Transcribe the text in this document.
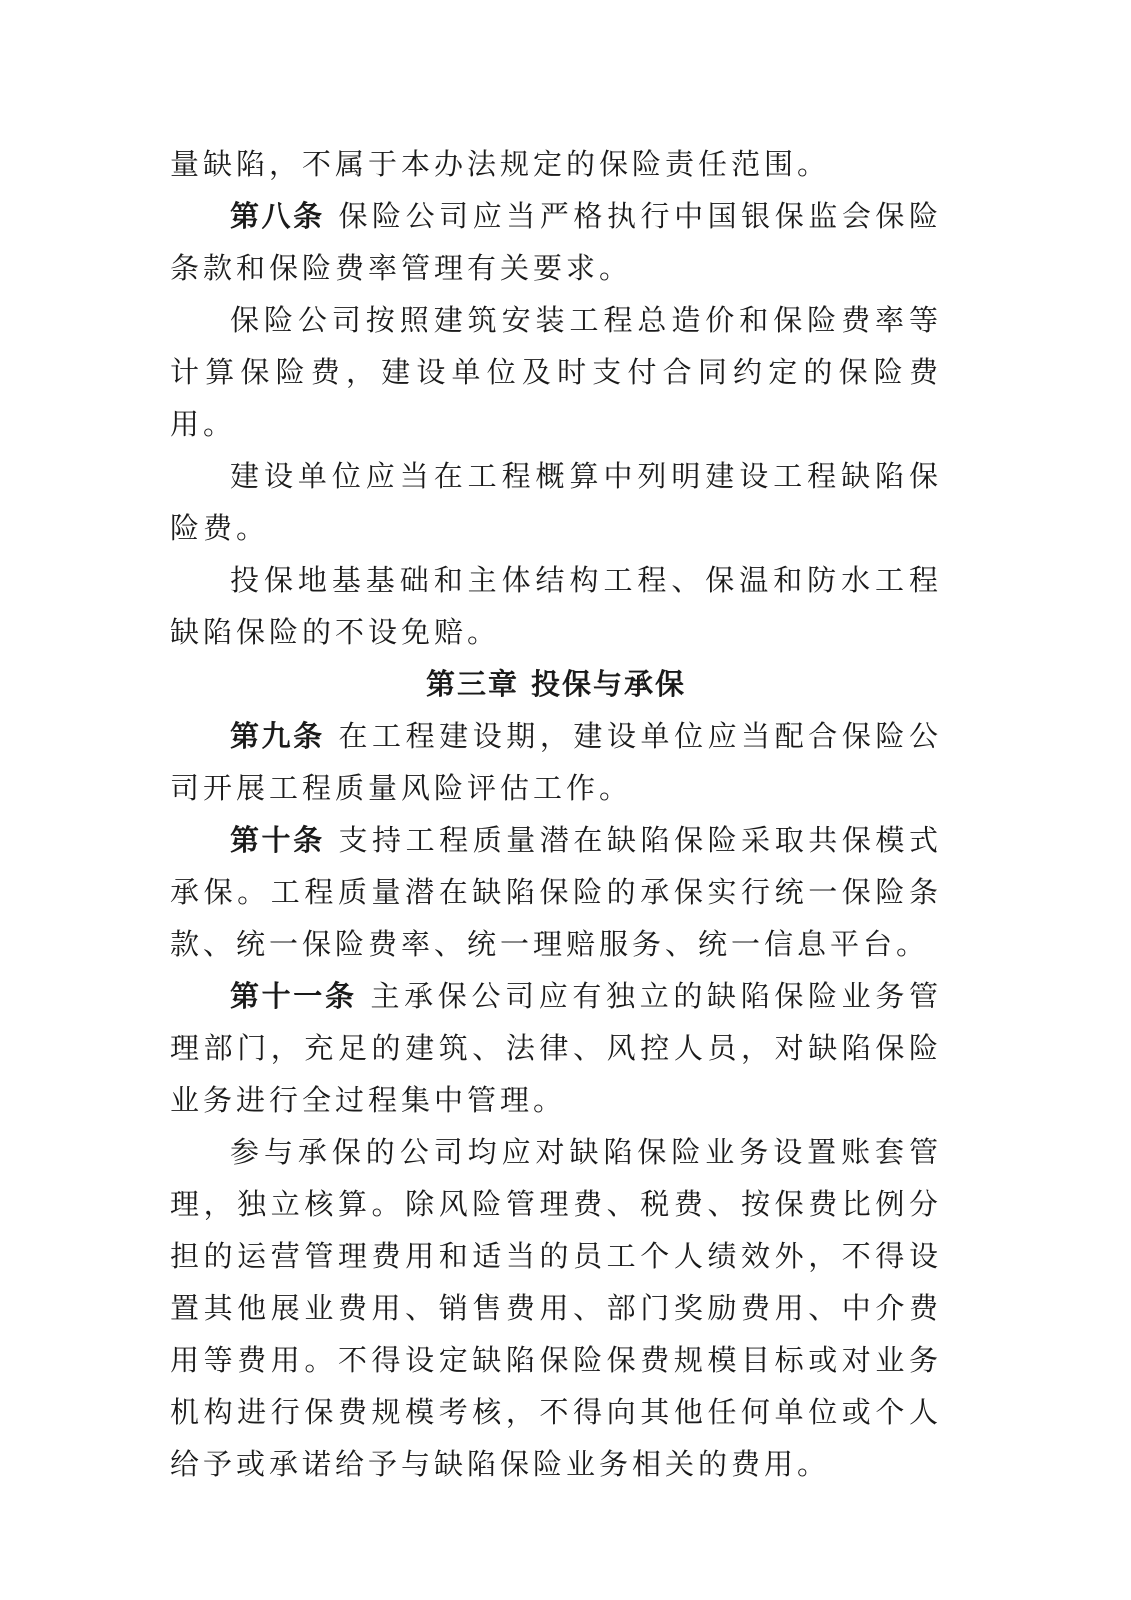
量缺陷，不属于本办法规定的保险责任范围。

第八条 保险公司应当严格执行中国银保监会保险条款和保险费率管理有关要求。

保险公司按照建筑安装工程总造价和保险费率等计算保险费，建设单位及时支付合同约定的保险费用。

建设单位应当在工程概算中列明建设工程缺陷保险费。

投保地基基础和主体结构工程、保温和防水工程缺陷保险的不设免赔。

第三章 投保与承保

第九条 在工程建设期，建设单位应当配合保险公司开展工程质量风险评估工作。

第十条 支持工程质量潜在缺陷保险采取共保模式承保。工程质量潜在缺陷保险的承保实行统一保险条款、统一保险费率、统一理赔服务、统一信息平台。

第十一条 主承保公司应有独立的缺陷保险业务管理部门，充足的建筑、法律、风控人员，对缺陷保险业务进行全过程集中管理。

参与承保的公司均应对缺陷保险业务设置账套管理，独立核算。除风险管理费、税费、按保费比例分担的运营管理费用和适当的员工个人绩效外，不得设置其他展业费用、销售费用、部门奖励费用、中介费用等费用。不得设定缺陷保险保费规模目标或对业务机构进行保费规模考核，不得向其他任何单位或个人给予或承诺给予与缺陷保险业务相关的费用。
